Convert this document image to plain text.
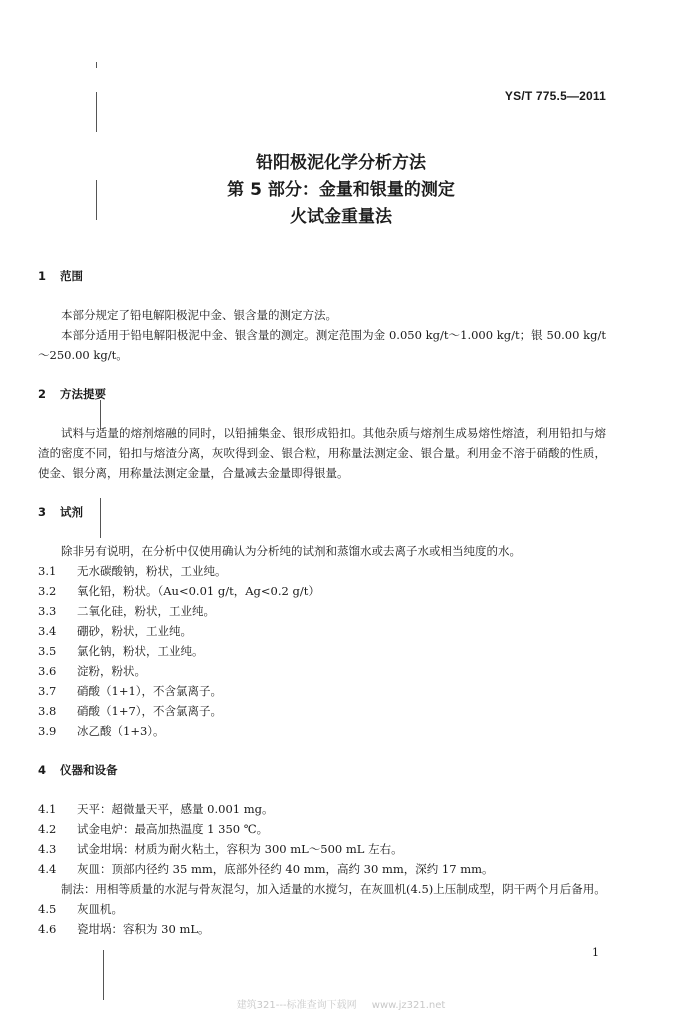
YS/T 775.5—2011
铅阳极泥化学分析方法
第 5 部分：金量和银量的测定
火试金重量法

1 范围

本部分规定了铅电解阳极泥中金、银含量的测定方法。

本部分适用于铅电解阳极泥中金、银含量的测定。测定范围为金 0.050 kg/t～1.000 kg/t；银 50.00 kg/t～250.00 kg/t。

2 方法提要

试料与适量的熔剂熔融的同时，以铅捕集金、银形成铅扣。其他杂质与熔剂生成易熔性熔渣，利用铅扣与熔渣的密度不同，铅扣与熔渣分离，灰吹得到金、银合粒，用称量法测定金、银合量。利用金不溶于硝酸的性质，使金、银分离，用称量法测定金量，合量减去金量即得银量。

3 试剂

除非另有说明，在分析中仅使用确认为分析纯的试剂和蒸馏水或去离子水或相当纯度的水。

3.1 无水碳酸钠，粉状，工业纯。

3.2 氧化铅，粉状。（Au<0.01 g/t，Ag<0.2 g/t）

3.3 二氧化硅，粉状，工业纯。

3.4 硼砂，粉状，工业纯。

3.5 氯化钠，粉状，工业纯。

3.6 淀粉，粉状。

3.7 硝酸（1+1），不含氯离子。

3.8 硝酸（1+7），不含氯离子。

3.9 冰乙酸（1+3）。

4 仪器和设备

4.1 天平：超微量天平，感量 0.001 mg。

4.2 试金电炉：最高加热温度 1 350 ℃。

4.3 试金坩埚：材质为耐火粘土，容积为 300 mL～500 mL 左右。

4.4 灰皿：顶部内径约 35 mm，底部外径约 40 mm，高约 30 mm，深约 17 mm。

制法：用相等质量的水泥与骨灰混匀，加入适量的水搅匀，在灰皿机(4.5)上压制成型，阴干两个月后备用。

4.5 灰皿机。

4.6 瓷坩埚：容积为 30 mL。

1
建筑321---标准查询下载网 www.jz321.net
